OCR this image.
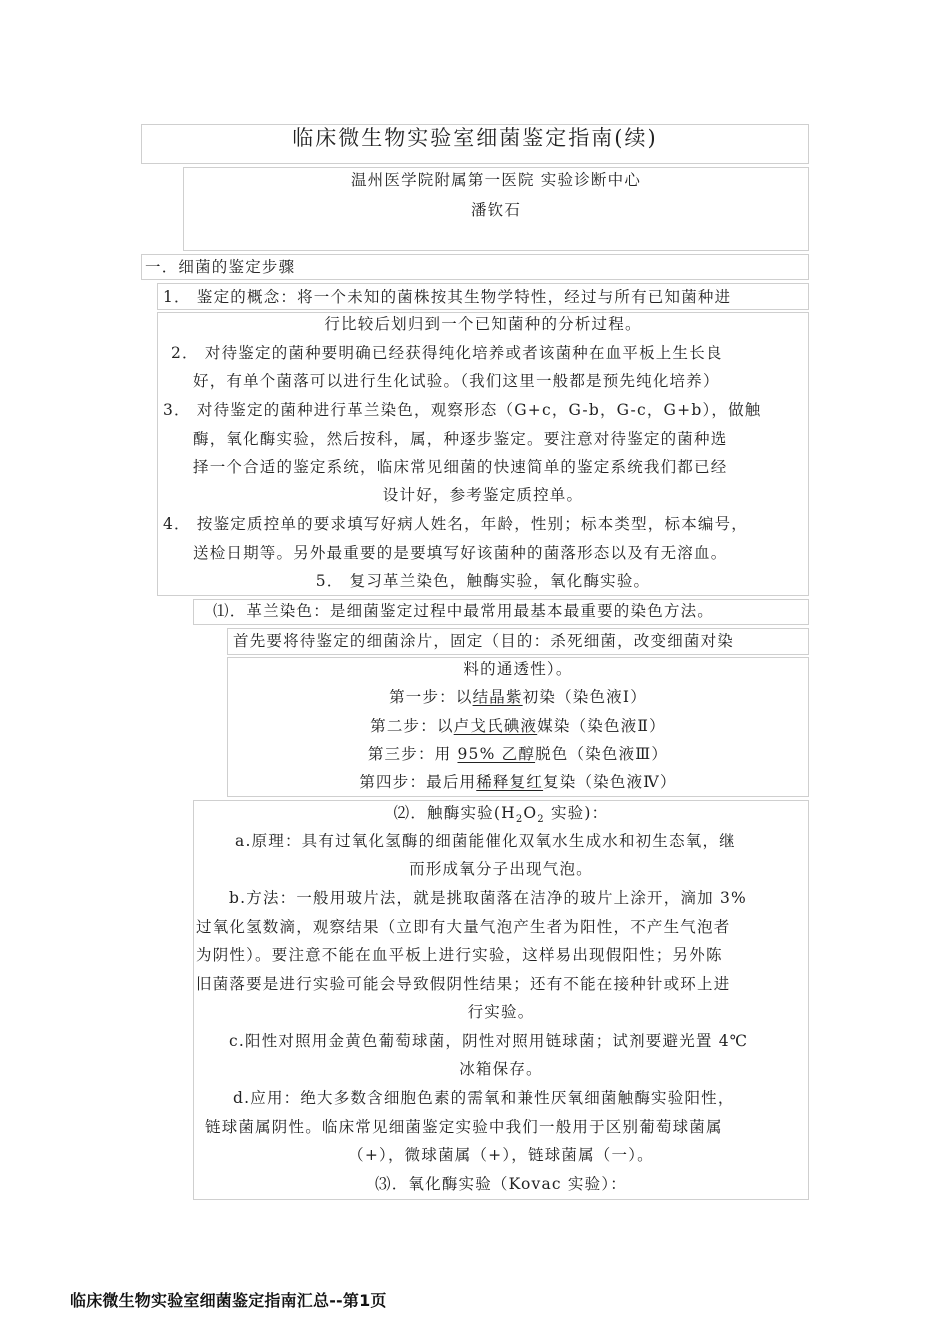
临床微生物实验室细菌鉴定指南(续)
温州医学院附属第一医院 实验诊断中心
潘钦石
一．细菌的鉴定步骤
1． 鉴定的概念：将一个未知的菌株按其生物学特性，经过与所有已知菌种进
行比较后划归到一个已知菌种的分析过程。
2． 对待鉴定的菌种要明确已经获得纯化培养或者该菌种在血平板上生长良
好，有单个菌落可以进行生化试验。（我们这里一般都是预先纯化培养）
3． 对待鉴定的菌种进行革兰染色，观察形态（G+c，G-b，G-c，G+b），做触
酶，氧化酶实验，然后按科，属，种逐步鉴定。要注意对待鉴定的菌种选
择一个合适的鉴定系统，临床常见细菌的快速简单的鉴定系统我们都已经
设计好，参考鉴定质控单。
4． 按鉴定质控单的要求填写好病人姓名，年龄，性别；标本类型，标本编号，
送检日期等。另外最重要的是要填写好该菌种的菌落形态以及有无溶血。
5． 复习革兰染色，触酶实验，氧化酶实验。
⑴．革兰染色：是细菌鉴定过程中最常用最基本最重要的染色方法。
首先要将待鉴定的细菌涂片，固定（目的：杀死细菌，改变细菌对染
料的通透性）。
第一步：以结晶紫初染（染色液Ⅰ）
第二步：以卢戈氏碘液媒染（染色液Ⅱ）
第三步：用 95% 乙醇脱色（染色液Ⅲ）
第四步：最后用稀释复红复染（染色液Ⅳ）
⑵．触酶实验($H_2O_2$ 实验)：
a.原理：具有过氧化氢酶的细菌能催化双氧水生成水和初生态氧，继
而形成氧分子出现气泡。
b.方法：一般用玻片法，就是挑取菌落在洁净的玻片上涂开，滴加 3%
过氧化氢数滴，观察结果（立即有大量气泡产生者为阳性，不产生气泡者
为阴性）。要注意不能在血平板上进行实验，这样易出现假阳性；另外陈
旧菌落要是进行实验可能会导致假阴性结果；还有不能在接种针或环上进
行实验。
c.阳性对照用金黄色葡萄球菌，阴性对照用链球菌；试剂要避光置 4℃
冰箱保存。
d.应用：绝大多数含细胞色素的需氧和兼性厌氧细菌触酶实验阳性，
链球菌属阴性。临床常见细菌鉴定实验中我们一般用于区别葡萄球菌属
（+），微球菌属（+），链球菌属（一）。
⑶．氧化酶实验（Kovac 实验）：
临床微生物实验室细菌鉴定指南汇总--第1页
